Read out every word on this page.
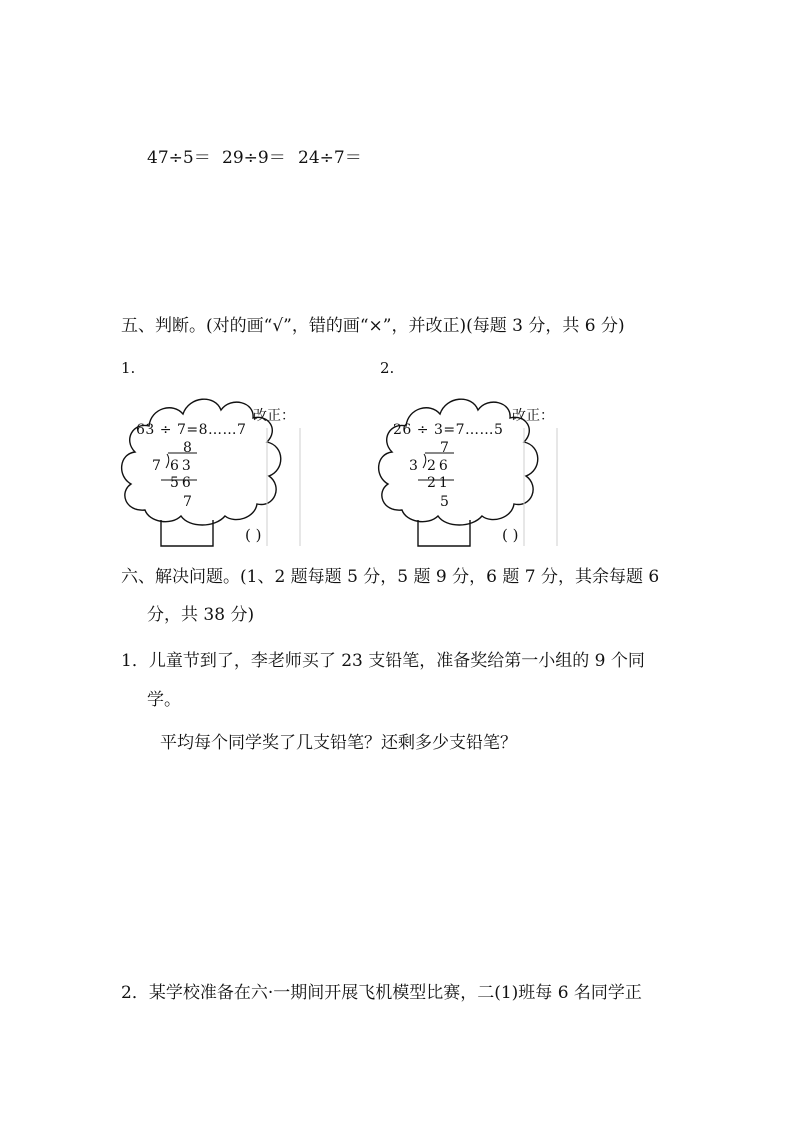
47÷5＝ 29÷9＝ 24÷7＝
五、判断。(对的画“√”，错的画“×”，并改正)(每题 3 分，共 6 分)
1.	2.
63 ÷ 7=8……7
8
7 63
56
7
改正：
( )
26 ÷ 3=7……5
7
3 26
21
5
改正：
( )
六、解决问题。(1、2 题每题 5 分，5 题 9 分，6 题 7 分，其余每题 6
分，共 38 分)
1．儿童节到了，李老师买了 23 支铅笔，准备奖给第一小组的 9 个同
学。
平均每个同学奖了几支铅笔？还剩多少支铅笔？
2．某学校准备在六·一期间开展飞机模型比赛，二(1)班每 6 名同学正
